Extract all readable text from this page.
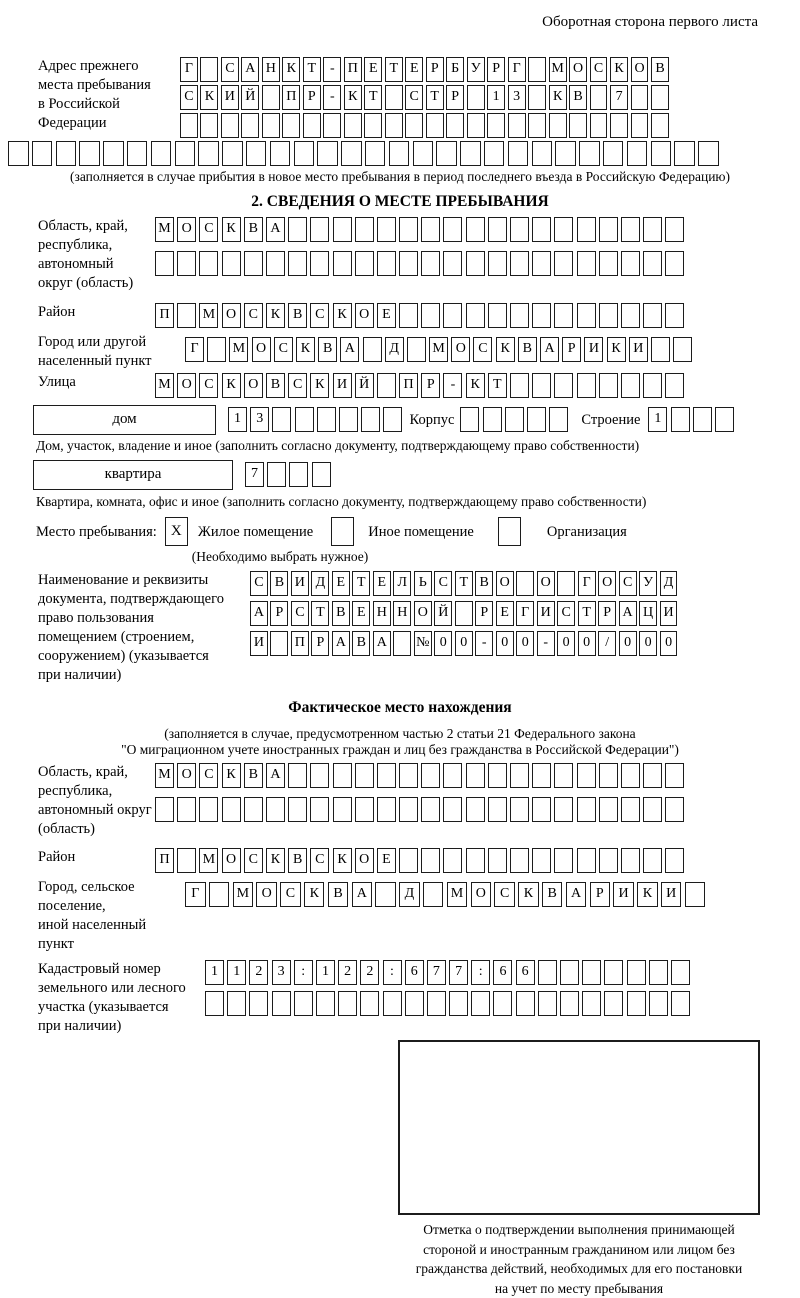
Оборотная сторона первого листа
Адрес прежнего
места пребывания
в Российской
Федерации
Г	С А Н К Т - П Е Т Е Р Б У Р Г	М О С К О В
С К И Й П Р	- К Т	С Т Р	1 3	К В	7
(заполняется в случае прибытия в новое место пребывания в период последнего въезда в Российскую Федерацию)
2. СВЕДЕНИЯ О МЕСТЕ ПРЕБЫВАНИЯ
Область, край,
республика,
автономный
округ (область)
М О С К В А
Район	П	М О С К В С К О Е
Город или другой
населенный пункт
Г	М О С К В А	Д	М О С К В А Р И К И
Улица	М О С К О В С К И Й	П Р	-	К Т
дом	1	3	Корпус	Строение	1
Дом, участок, владение и иное (заполнить согласно документу, подтверждающему право собственности)
квартира	7
Квартира, комната, офис и иное (заполнить согласно документу, подтверждающему право собственности)
Место пребывания: X	Жилое помещение	Иное помещение	Организация
(Необходимо выбрать нужное)
Наименование и реквизиты
документа, подтверждающего
право пользования
помещением (строением,
сооружением) (указывается
при наличии)
С В И Д Е Т Е Л Ь С Т В О О	Г О С У Д
А Р С Т В Е Н Н О Й	Р Е Г И С Т Р А Ц И
И П Р А В А № 0 0	-	0 0	-	0 0	/	0 0 0
Фактическое место нахождения
(заполняется в случае, предусмотренном частью 2 статьи 21 Федерального закона
"О миграционном учете иностранных граждан и лиц без гражданства в Российской Федерации")
Область, край,
республика,
автономный округ
(область)
М О С К В А
Район	П	М О С К В С К О Е
Город, сельское поселение,
иной населенный пункт
Г	М О	С	К	В	А	Д	М О	С	К	В	А	Р	И	К	И
Кадастровый номер
земельного или лесного
участка (указывается
при наличии)
1	1	2	3	:	1	2	2	:	6	7	7	:	6	6
Отметка о подтверждении выполнения принимающей
стороной и иностранным гражданином или лицом без
гражданства действий, необходимых для его постановки
на учет по месту пребывания
